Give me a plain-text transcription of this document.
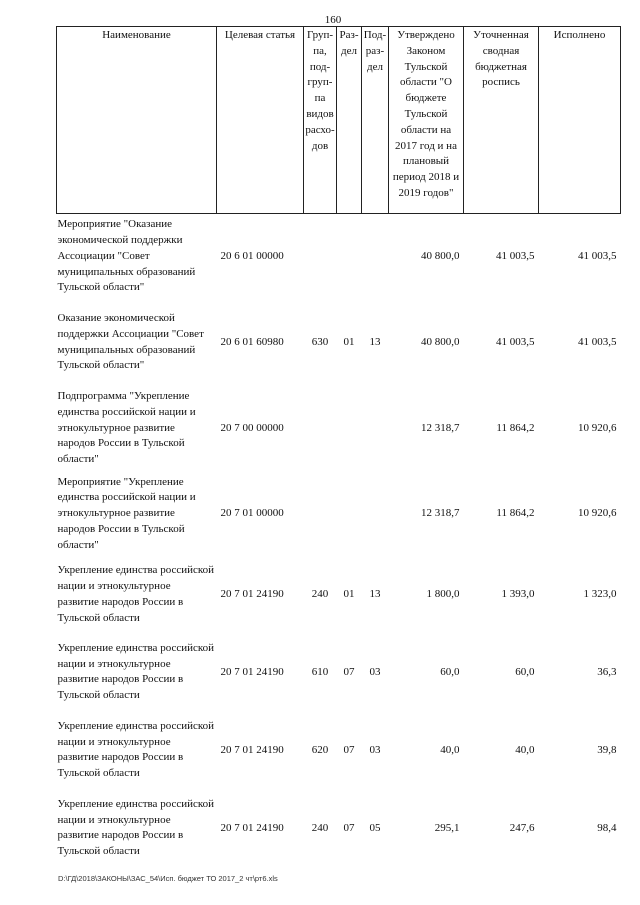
160
Наименование	Целевая статья	Груп-па, под-груп-па видов расхо-дов	Раз-дел	Под-раз-дел	Утверждено Законом Тульской области "О бюджете Тульской области на 2017 год и на плановый период 2018 и 2019 годов"	Уточненная сводная бюджетная роспись	Исполнено
Мероприятие "Оказание экономической поддержки Ассоциации "Совет муниципальных образований Тульской области"	20 6 01 00000				40 800,0	41 003,5	41 003,5
Оказание экономической поддержки Ассоциации "Совет муниципальных образований Тульской области"	20 6 01 60980	630	01	13	40 800,0	41 003,5	41 003,5
Подпрограмма "Укрепление единства российской нации и этнокультурное развитие народов России в Тульской области"	20 7 00 00000				12 318,7	11 864,2	10 920,6
Мероприятие "Укрепление единства российской нации и этнокультурное развитие народов России в Тульской области"	20 7 01 00000				12 318,7	11 864,2	10 920,6
Укрепление единства российской нации и этнокультурное развитие народов России в Тульской области	20 7 01 24190	240	01	13	1 800,0	1 393,0	1 323,0
Укрепление единства российской нации и этнокультурное развитие народов России в Тульской области	20 7 01 24190	610	07	03	60,0	60,0	36,3
Укрепление единства российской нации и этнокультурное развитие народов России в Тульской области	20 7 01 24190	620	07	03	40,0	40,0	39,8
Укрепление единства российской нации и этнокультурное развитие народов России в Тульской области	20 7 01 24190	240	07	05	295,1	247,6	98,4
D:\ГД\2018\ЗАКОНЫ\ЗАС_54\Исп. бюджет ТО 2017_2 чт\рт6.xls
